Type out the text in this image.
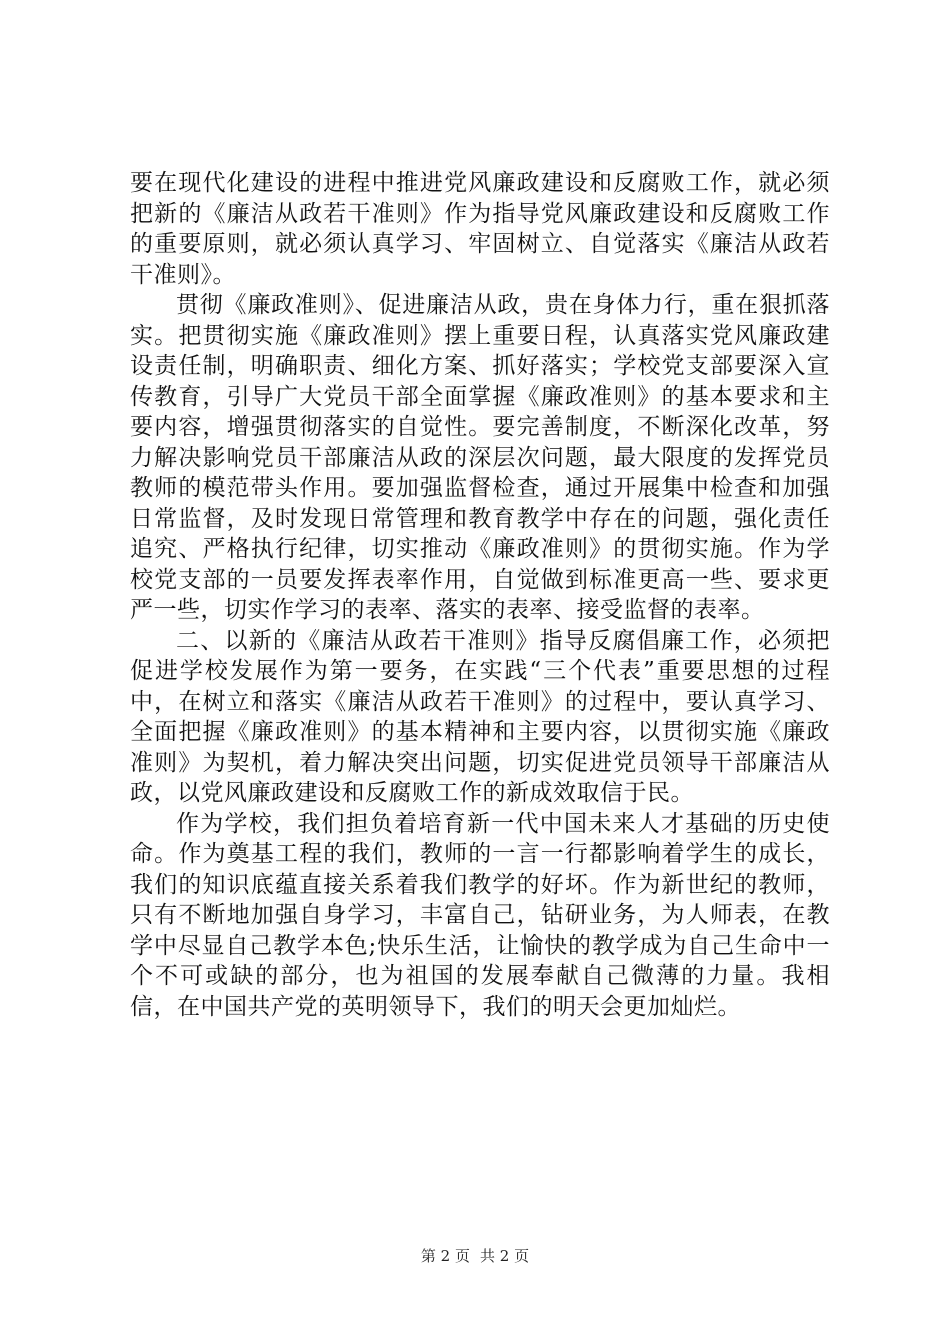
要在现代化建设的进程中推进党风廉政建设和反腐败工作，就必须把新的《廉洁从政若干准则》作为指导党风廉政建设和反腐败工作的重要原则，就必须认真学习、牢固树立、自觉落实《廉洁从政若干准则》。

贯彻《廉政准则》、促进廉洁从政，贵在身体力行，重在狠抓落实。把贯彻实施《廉政准则》摆上重要日程，认真落实党风廉政建设责任制，明确职责、细化方案、抓好落实；学校党支部要深入宣传教育，引导广大党员干部全面掌握《廉政准则》的基本要求和主要内容，增强贯彻落实的自觉性。要完善制度，不断深化改革，努力解决影响党员干部廉洁从政的深层次问题，最大限度的发挥党员教师的模范带头作用。要加强监督检查，通过开展集中检查和加强日常监督，及时发现日常管理和教育教学中存在的问题，强化责任追究、严格执行纪律，切实推动《廉政准则》的贯彻实施。作为学校党支部的一员要发挥表率作用，自觉做到标准更高一些、要求更严一些，切实作学习的表率、落实的表率、接受监督的表率。

二、以新的《廉洁从政若干准则》指导反腐倡廉工作，必须把促进学校发展作为第一要务，在实践“三个代表”重要思想的过程中，在树立和落实《廉洁从政若干准则》的过程中，要认真学习、全面把握《廉政准则》的基本精神和主要内容，以贯彻实施《廉政准则》为契机，着力解决突出问题，切实促进党员领导干部廉洁从政，以党风廉政建设和反腐败工作的新成效取信于民。

作为学校，我们担负着培育新一代中国未来人才基础的历史使命。作为奠基工程的我们，教师的一言一行都影响着学生的成长，我们的知识底蕴直接关系着我们教学的好坏。作为新世纪的教师，只有不断地加强自身学习，丰富自己，钻研业务，为人师表，在教学中尽显自己教学本色;快乐生活，让愉快的教学成为自己生命中一个不可或缺的部分，也为祖国的发展奉献自己微薄的力量。我相信，在中国共产党的英明领导下，我们的明天会更加灿烂。

第 2 页 共 2 页
